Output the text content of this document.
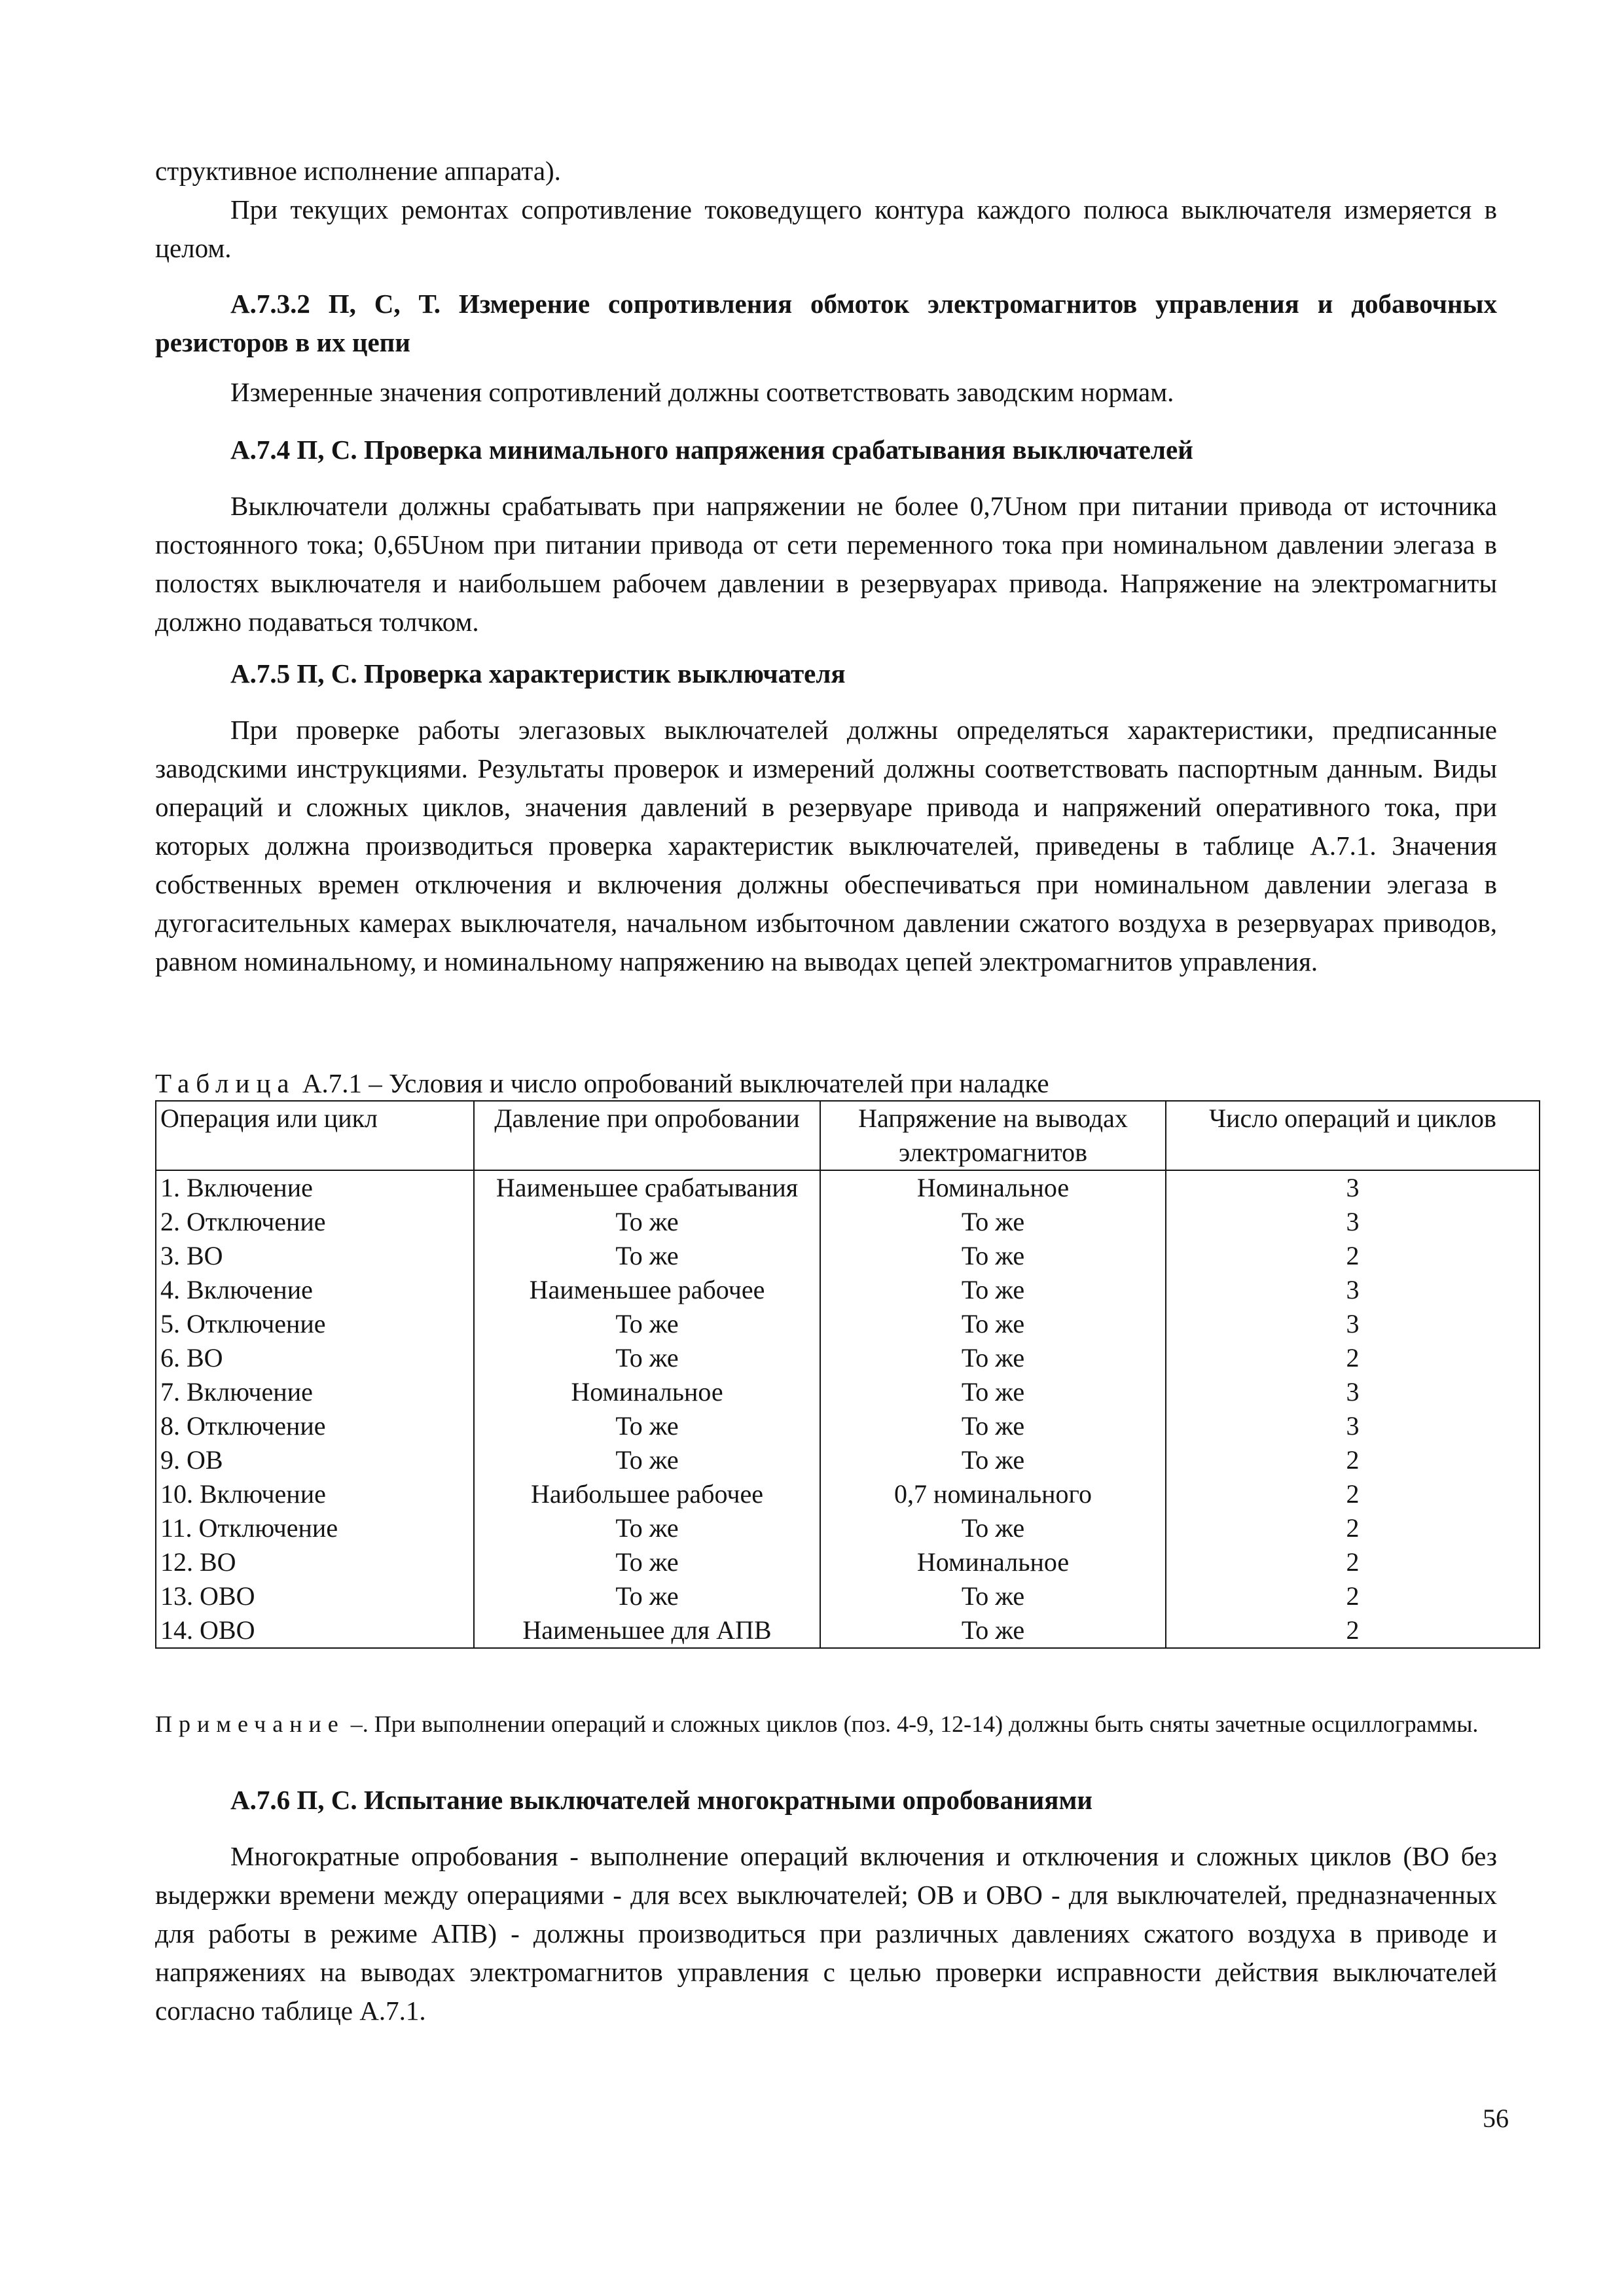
структивное исполнение аппарата).

При текущих ремонтах сопротивление токоведущего контура каждого полюса выключателя измеряется в целом.

А.7.3.2 П, С, Т. Измерение сопротивления обмоток электромагнитов управления и добавочных резисторов в их цепи

Измеренные значения сопротивлений должны соответствовать заводским нормам.

А.7.4 П, С. Проверка минимального напряжения срабатывания выключателей

Выключатели должны срабатывать при напряжении не более 0,7Uном при питании привода от источника постоянного тока; 0,65Uном при питании привода от сети переменного тока при номинальном давлении элегаза в полостях выключателя и наибольшем рабочем давлении в резервуарах привода. Напряжение на электромагниты должно подаваться толчком.

А.7.5 П, С. Проверка характеристик выключателя

При проверке работы элегазовых выключателей должны определяться характеристики, предписанные заводскими инструкциями. Результаты проверок и измерений должны соответствовать паспортным данным. Виды операций и сложных циклов, значения давлений в резервуаре привода и напряжений оперативного тока, при которых должна производиться проверка характеристик выключателей, приведены в таблице А.7.1. Значения собственных времен отключения и включения должны обеспечиваться при номинальном давлении элегаза в дугогасительных камерах выключателя, начальном избыточном давлении сжатого воздуха в резервуарах приводов, равном номинальному, и номинальному напряжению на выводах цепей электромагнитов управления.

Таблица А.7.1 – Условия и число опробований выключателей при наладке

Операция или цикл	Давление при опробовании	Напряжение на выводах электромагнитов	Число операций и циклов
1. Включение	Наименьшее срабатывания	Номинальное	3
2. Отключение	То же	То же	3
3. ВО	То же	То же	2
4. Включение	Наименьшее рабочее	То же	3
5. Отключение	То же	То же	3
6. ВО	То же	То же	2
7. Включение	Номинальное	То же	3
8. Отключение	То же	То же	3
9. ОВ	То же	То же	2
10. Включение	Наибольшее рабочее	0,7 номинального	2
11. Отключение	То же	То же	2
12. ВО	То же	Номинальное	2
13. ОВО	То же	То же	2
14. ОВО	Наименьшее для АПВ	То же	2

Примечание –. При выполнении операций и сложных циклов (поз. 4-9, 12-14) должны быть сняты зачетные осциллограммы.

А.7.6 П, С. Испытание выключателей многократными опробованиями

Многократные опробования - выполнение операций включения и отключения и сложных циклов (ВО без выдержки времени между операциями - для всех выключателей; ОВ и ОВО - для выключателей, предназначенных для работы в режиме АПВ) - должны производиться при различных давлениях сжатого воздуха в приводе и напряжениях на выводах электромагнитов управления с целью проверки исправности действия выключателей согласно таблице А.7.1.

56
